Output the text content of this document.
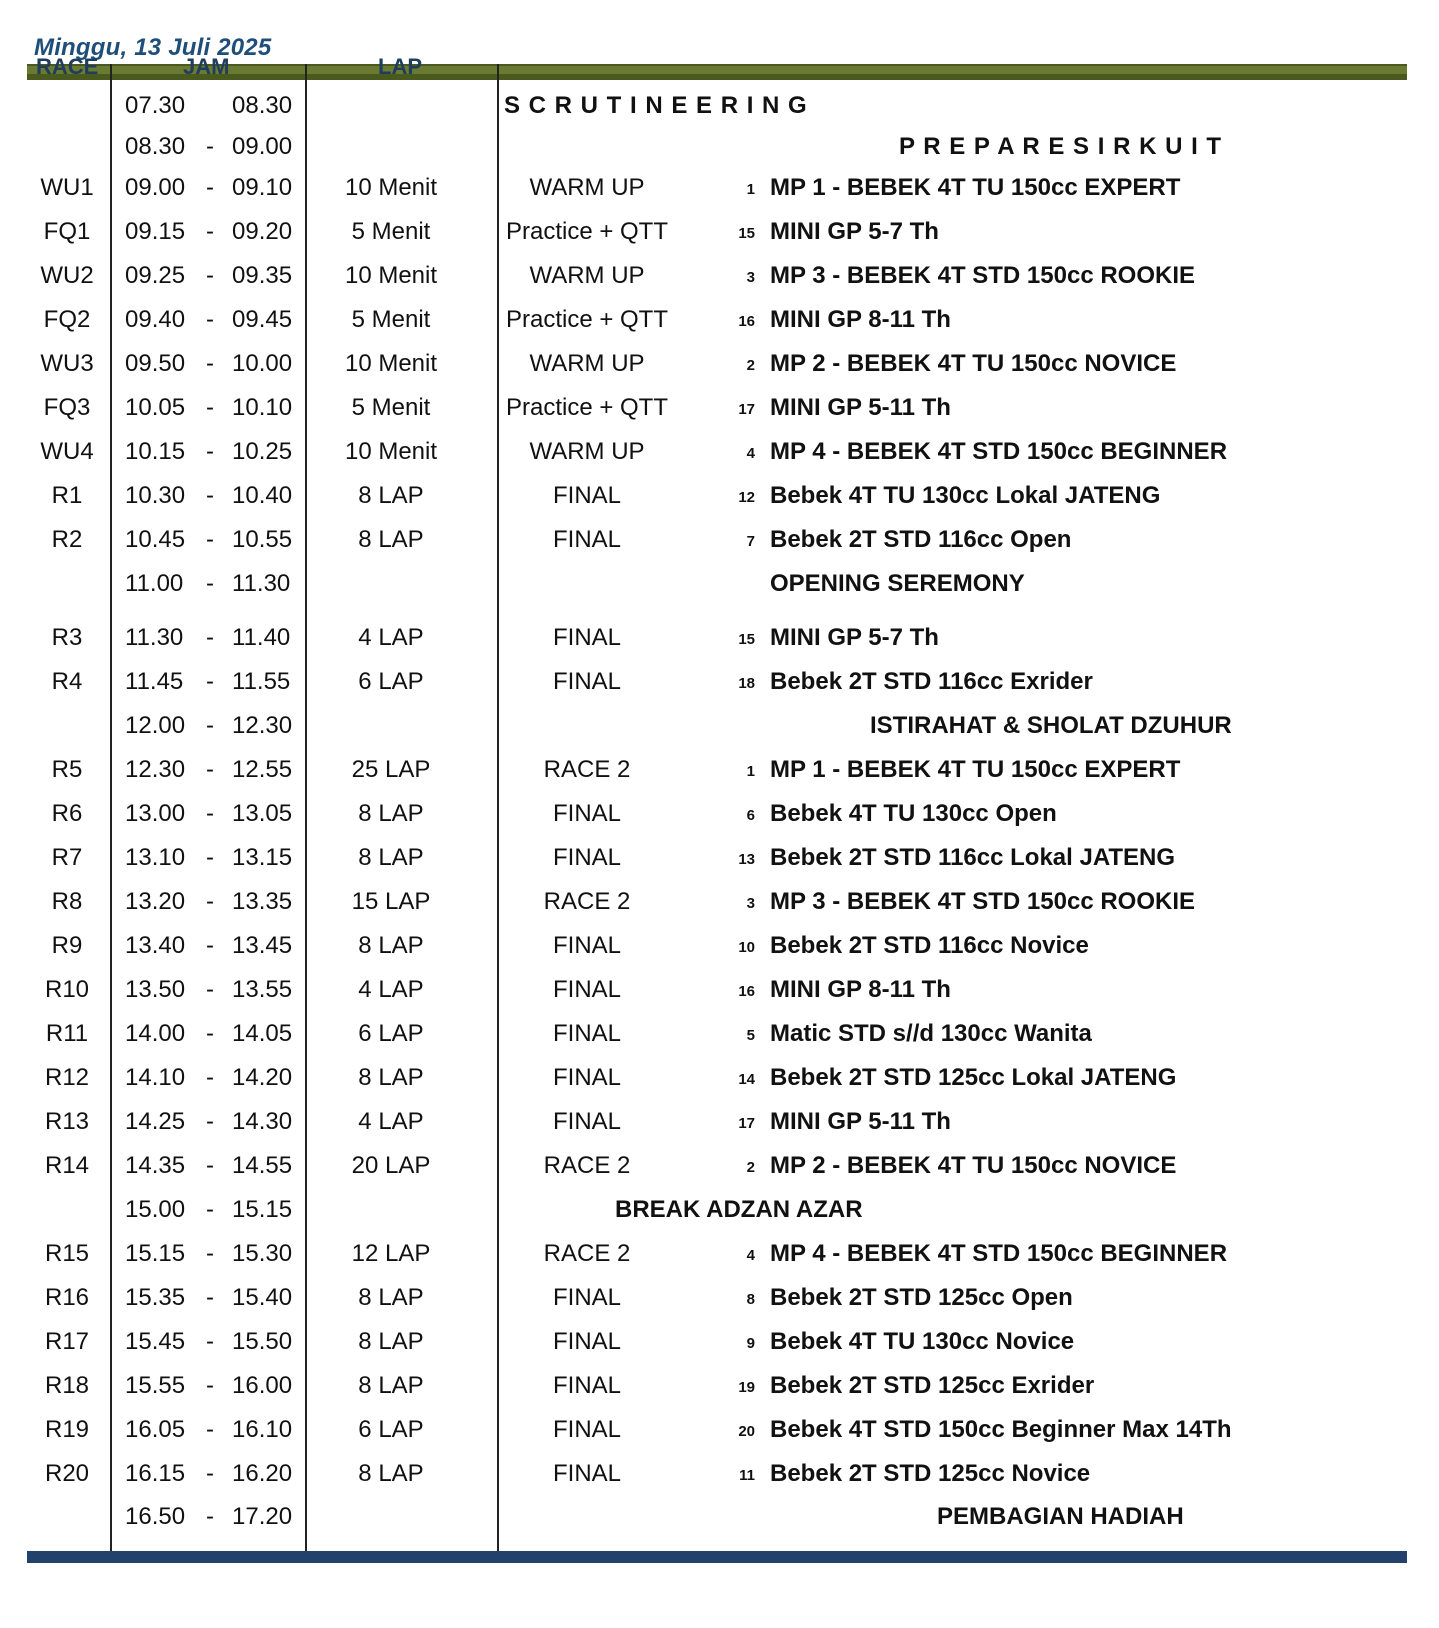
Minggu, 13 Juli 2025
07.30 08.30	S C R U T I N E E R I N G
08.30 - 09.00	P R E P A R E S I R K U I T
WU1	09.00 - 09.10	10 Menit	WARM UP	1 MP 1 - BEBEK 4T TU 150cc EXPERT
FQ1	09.15 - 09.20	5 Menit	Practice + QTT	15 MINI GP 5-7 Th
WU2	09.25 - 09.35	10 Menit	WARM UP	3 MP 3 - BEBEK 4T STD 150cc ROOKIE
FQ2	09.40 - 09.45	5 Menit	Practice + QTT	16 MINI GP 8-11 Th
WU3	09.50 - 10.00	10 Menit	WARM UP	2 MP 2 - BEBEK 4T TU 150cc NOVICE
FQ3	10.05 - 10.10	5 Menit	Practice + QTT	17 MINI GP 5-11 Th
WU4	10.15 - 10.25	10 Menit	WARM UP	4 MP 4 - BEBEK 4T STD 150cc BEGINNER
R1	10.30 - 10.40	8 LAP	FINAL	12 Bebek 4T TU 130cc Lokal JATENG
R2	10.45 - 10.55	8 LAP	FINAL	7 Bebek 2T STD 116cc Open
11.00 - 11.30	OPENING SEREMONY
R3	11.30 - 11.40	4 LAP	FINAL	15 MINI GP 5-7 Th
R4	11.45 - 11.55	6 LAP	FINAL	18 Bebek 2T STD 116cc Exrider
12.00 - 12.30	ISTIRAHAT & SHOLAT DZUHUR
R5	12.30 - 12.55	25 LAP	RACE 2	1 MP 1 - BEBEK 4T TU 150cc EXPERT
R6	13.00 - 13.05	8 LAP	FINAL	6 Bebek 4T TU 130cc Open
R7	13.10 - 13.15	8 LAP	FINAL	13 Bebek 2T STD 116cc Lokal JATENG
R8	13.20 - 13.35	15 LAP	RACE 2	3 MP 3 - BEBEK 4T STD 150cc ROOKIE
R9	13.40 - 13.45	8 LAP	FINAL	10 Bebek 2T STD 116cc Novice
R10	13.50 - 13.55	4 LAP	FINAL	16 MINI GP 8-11 Th
R11	14.00 - 14.05	6 LAP	FINAL	5 Matic STD s//d 130cc Wanita
R12	14.10 - 14.20	8 LAP	FINAL	14 Bebek 2T STD 125cc Lokal JATENG
R13	14.25 - 14.30	4 LAP	FINAL	17 MINI GP 5-11 Th
R14	14.35 - 14.55	20 LAP	RACE 2	2 MP 2 - BEBEK 4T TU 150cc NOVICE
15.00 - 15.15	BREAK ADZAN AZAR
R15	15.15 - 15.30	12 LAP	RACE 2	4 MP 4 - BEBEK 4T STD 150cc BEGINNER
R16	15.35 - 15.40	8 LAP	FINAL	8 Bebek 2T STD 125cc Open
R17	15.45 - 15.50	8 LAP	FINAL	9 Bebek 4T TU 130cc Novice
R18	15.55 - 16.00	8 LAP	FINAL	19 Bebek 2T STD 125cc Exrider
R19	16.05 - 16.10	6 LAP	FINAL	20 Bebek 4T STD 150cc Beginner Max 14Th
R20	16.15 - 16.20	8 LAP	FINAL	11 Bebek 2T STD 125cc Novice
16.50 - 17.20	PEMBAGIAN HADIAH
